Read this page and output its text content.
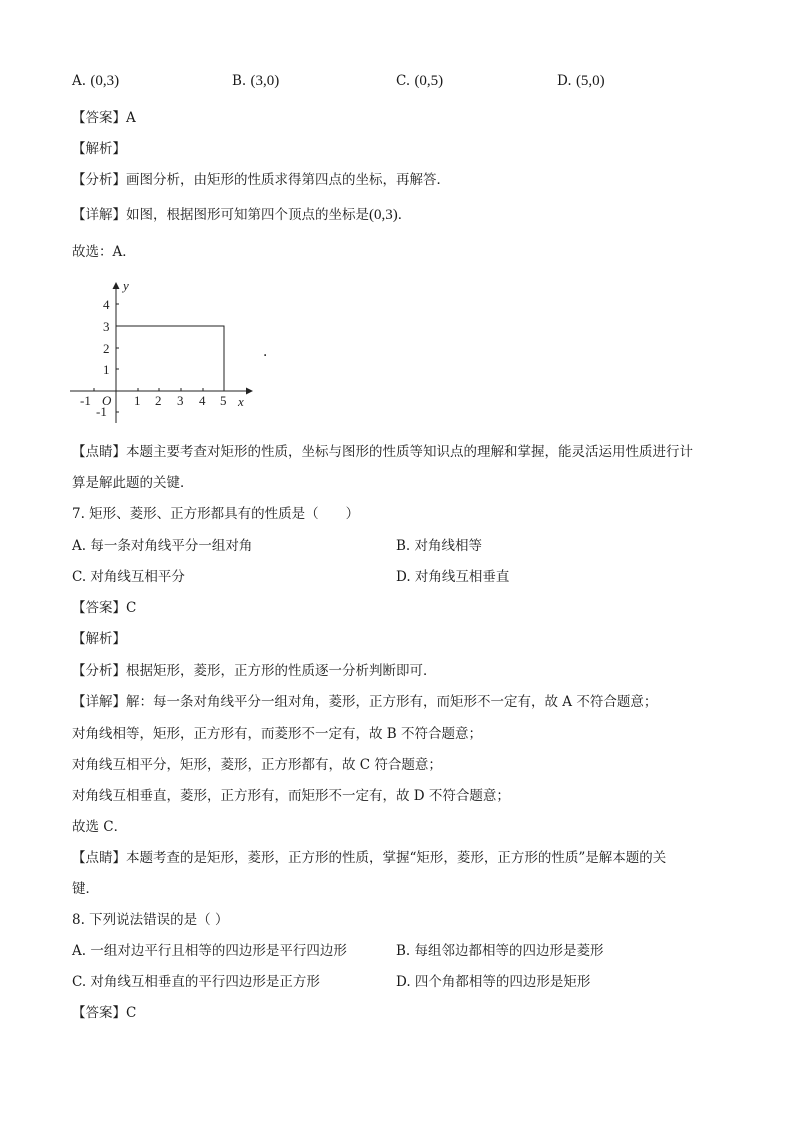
A. (0,3)	B. (3,0)	C. (0,5)	D. (5,0)
【答案】A
【解析】
【分析】画图分析，由矩形的性质求得第四点的坐标，再解答．
【详解】如图，根据图形可知第四个顶点的坐标是(0,3)．
故选：A．
y
x
O
-1	1 2 3 4 5
4
3
2
1
-1
.
【点睛】本题主要考查对矩形的性质，坐标与图形的性质等知识点的理解和掌握，能灵活运用性质进行计
算是解此题的关键．
7. 矩形、菱形、正方形都具有的性质是（　　）
A. 每一条对角线平分一组对角	B. 对角线相等
C. 对角线互相平分	D. 对角线互相垂直
【答案】C
【解析】
【分析】根据矩形，菱形，正方形的性质逐一分析判断即可．
【详解】解：每一条对角线平分一组对角，菱形，正方形有，而矩形不一定有，故 A 不符合题意；
对角线相等，矩形，正方形有，而菱形不一定有，故 B 不符合题意；
对角线互相平分，矩形，菱形，正方形都有，故 C 符合题意；
对角线互相垂直，菱形，正方形有，而矩形不一定有，故 D 不符合题意；
故选 C．
【点睛】本题考查的是矩形，菱形，正方形的性质，掌握“矩形，菱形，正方形的性质”是解本题的关
键．
8. 下列说法错误的是（ ）
A. 一组对边平行且相等的四边形是平行四边形	B. 每组邻边都相等的四边形是菱形
C. 对角线互相垂直的平行四边形是正方形	D. 四个角都相等的四边形是矩形
【答案】C
